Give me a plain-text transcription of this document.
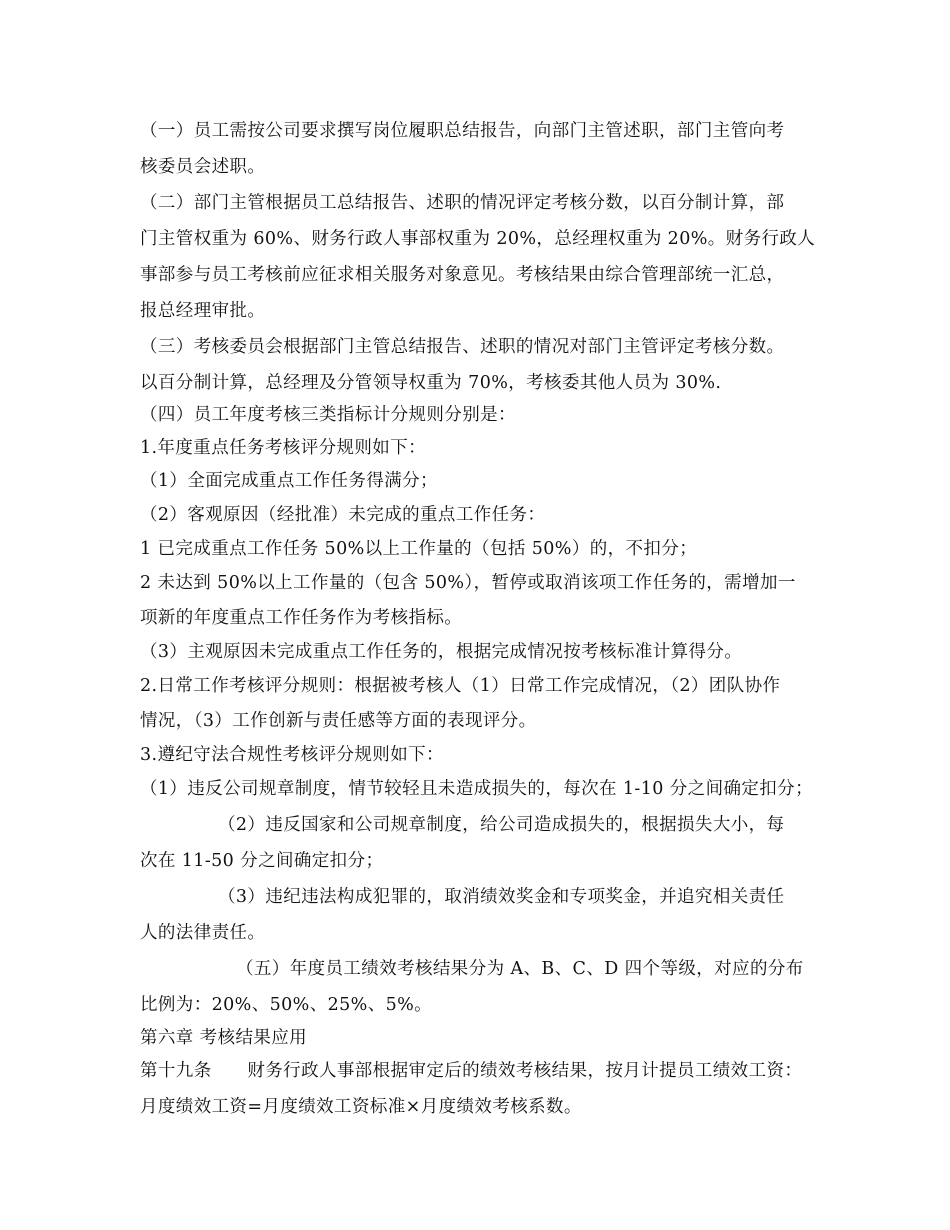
（一）员工需按公司要求撰写岗位履职总结报告，向部门主管述职，部门主管向考
核委员会述职。
（二）部门主管根据员工总结报告、述职的情况评定考核分数，以百分制计算，部
门主管权重为 60%、财务行政人事部权重为 20%，总经理权重为 20%。财务行政人
事部参与员工考核前应征求相关服务对象意见。考核结果由综合管理部统一汇总，
报总经理审批。
（三）考核委员会根据部门主管总结报告、述职的情况对部门主管评定考核分数。
以百分制计算，总经理及分管领导权重为 70%，考核委其他人员为 30%.
（四）员工年度考核三类指标计分规则分别是：
1.年度重点任务考核评分规则如下：
（1）全面完成重点工作任务得满分；
（2）客观原因（经批准）未完成的重点工作任务：
1 已完成重点工作任务 50%以上工作量的（包括 50%）的，不扣分；
2 未达到 50%以上工作量的（包含 50%），暂停或取消该项工作任务的，需增加一
项新的年度重点工作任务作为考核指标。
（3）主观原因未完成重点工作任务的，根据完成情况按考核标准计算得分。
2.日常工作考核评分规则：根据被考核人（1）日常工作完成情况，（2）团队协作
情况，（3）工作创新与责任感等方面的表现评分。
3.遵纪守法合规性考核评分规则如下：
（1）违反公司规章制度，情节较轻且未造成损失的，每次在 1-10 分之间确定扣分；
（2）违反国家和公司规章制度，给公司造成损失的，根据损失大小，每
次在 11-50 分之间确定扣分；
（3）违纪违法构成犯罪的，取消绩效奖金和专项奖金，并追究相关责任
人的法律责任。
（五）年度员工绩效考核结果分为 A、B、C、D 四个等级，对应的分布
比例为：20%、50%、25%、5%。
第六章 考核结果应用
第十九条      财务行政人事部根据审定后的绩效考核结果，按月计提员工绩效工资：
月度绩效工资=月度绩效工资标准×月度绩效考核系数。
